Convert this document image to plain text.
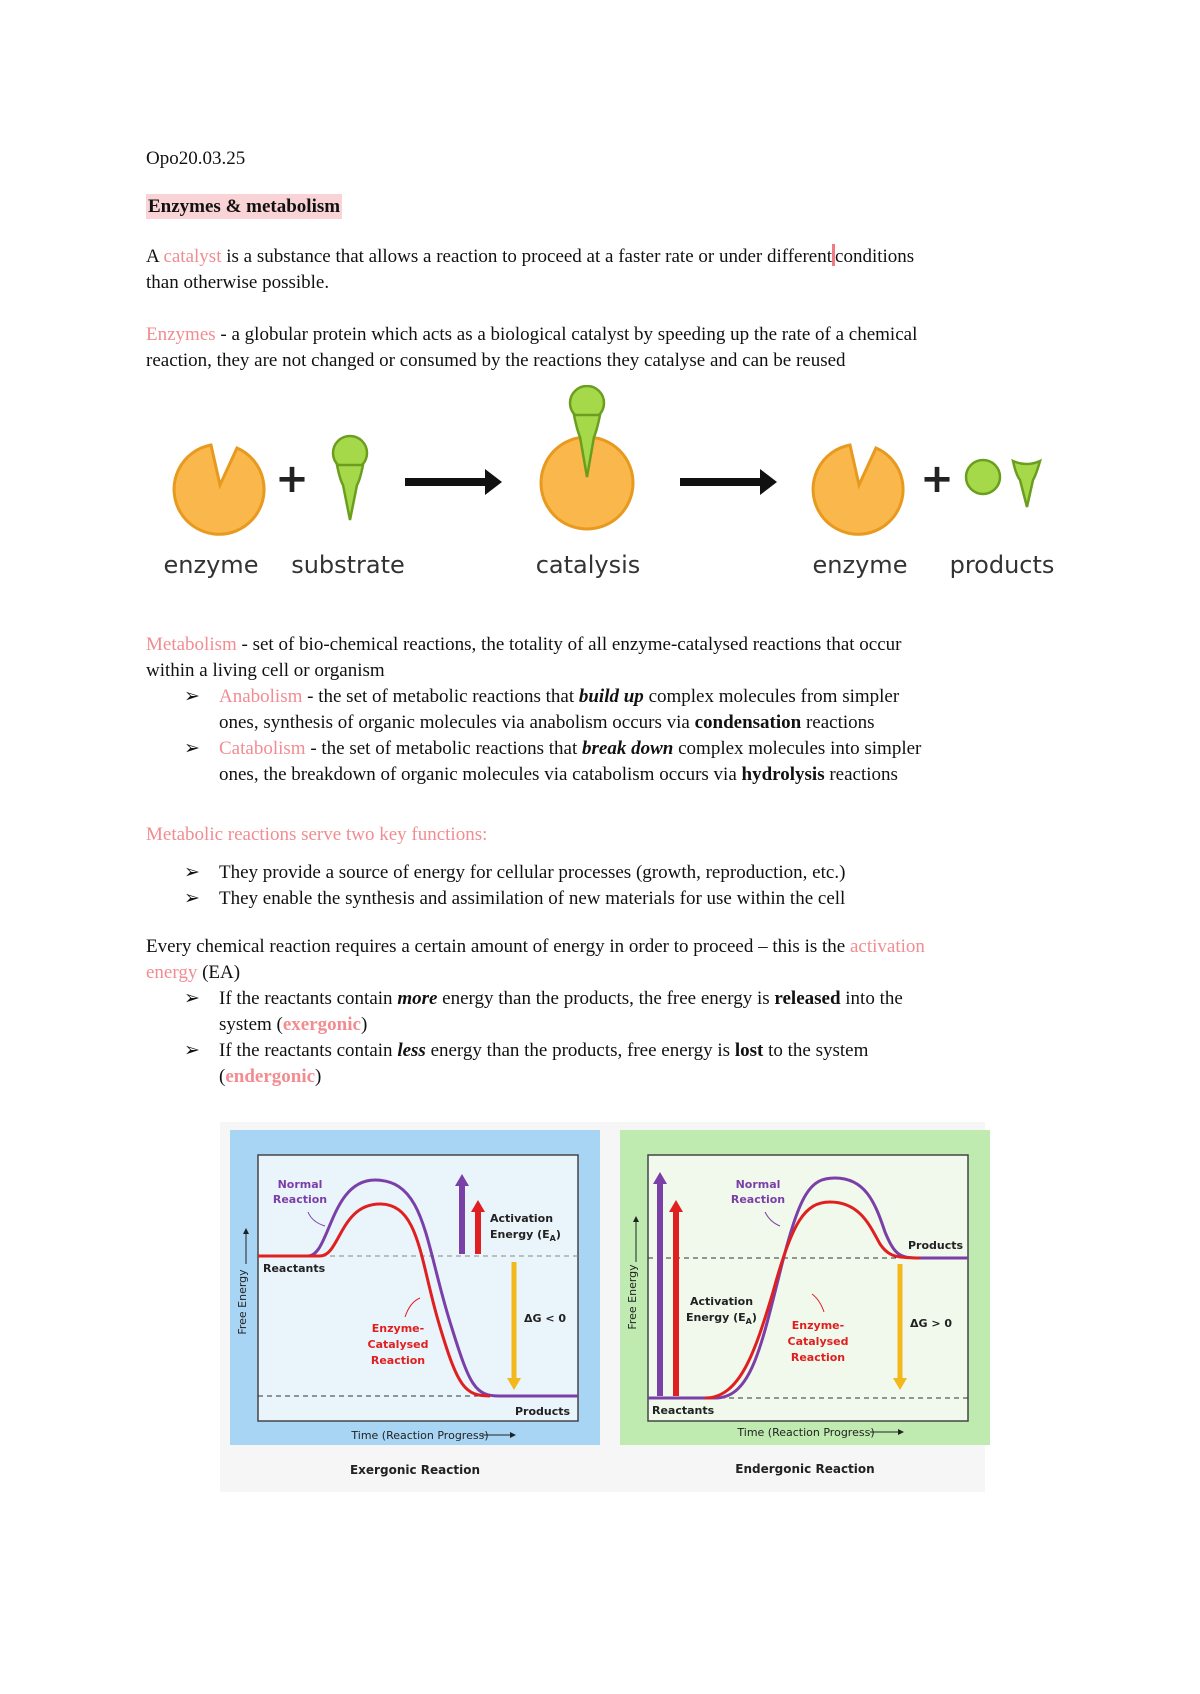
Opo20.03.25
Enzymes & metabolism
A catalyst is a substance that allows a reaction to proceed at a faster rate or under different conditions
than otherwise possible.
Enzymes - a globular protein which acts as a biological catalyst by speeding up the rate of a chemical
reaction, they are not changed or consumed by the reactions they catalyse and can be reused
+	+
enzyme substrate	catalysis	enzyme products
Metabolism - set of bio-chemical reactions, the totality of all enzyme-catalysed reactions that occur
within a living cell or organism
➢	Anabolism - the set of metabolic reactions that build up complex molecules from simpler
ones, synthesis of organic molecules via anabolism occurs via condensation reactions
➢	Catabolism - the set of metabolic reactions that break down complex molecules into simpler
ones, the breakdown of organic molecules via catabolism occurs via hydrolysis reactions
Metabolic reactions serve two key functions:
➢	They provide a source of energy for cellular processes (growth, reproduction, etc.)
➢	They enable the synthesis and assimilation of new materials for use within the cell
Every chemical reaction requires a certain amount of energy in order to proceed – this is the activation
energy (EA)
➢	If the reactants contain more energy than the products, the free energy is released into the
system (exergonic)
➢	If the reactants contain less energy than the products, free energy is lost to the system
(endergonic)
Normal
Reaction
Activation
Energy $(E_A)$
Reactants
Products
ΔG < 0
Enzyme-
Catalysed
Reaction
Time (Reaction Progress)
Free Energy
Exergonic Reaction
Normal
Reaction
Activation
Energy $(E_A)$
Reactants
Products
ΔG > 0
Enzyme-
Catalysed
Reaction
Time (Reaction Progress)
Free Energy
Endergonic Reaction
